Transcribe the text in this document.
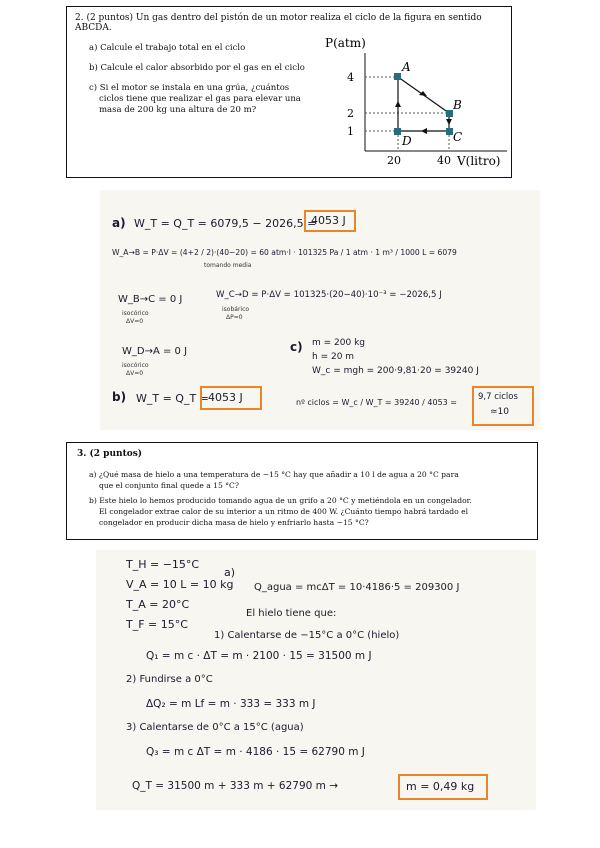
2. (2 puntos) Un gas dentro del pistón de un motor realiza el ciclo de la figura en sentido ABCDA.
a) Calcule el trabajo total en el ciclo
b) Calcule el calor absorbido por el gas en el ciclo
c) Si el motor se instala en una grúa, ¿cuántos
ciclos tiene que realizar el gas para elevar una
masa de 200 kg una altura de 20 m?
P(atm)
V(litro)
4
2
1
20	40
A
B
C
D
a) W_T = Q_T = 6079,5 − 2026,5 =
4053 J
W_A→B = P·ΔV = (4+2 / 2)·(40−20) = 60 atm·l · 101325 Pa / 1 atm · 1 m³ / 1000 L = 6079
tomando media
W_B→C = 0 J
isocórico
ΔV=0
W_C→D = P·ΔV = 101325·(20−40)·10⁻³ = −2026,5 J
isobárico
ΔP=0
W_D→A = 0 J
isocórico
ΔV=0
c) m = 200 kg
h = 20 m
W_c = mgh = 200·9,81·20 = 39240 J
b) W_T = Q_T = 4053 J	nº ciclos = W_c / W_T = 39240 / 4053 =
9,7 ciclos
≃10
3. (2 puntos)
a) ¿Qué masa de hielo a una temperatura de −15 °C hay que añadir a 10 l de agua a 20 °C para
que el conjunto final quede a 15 °C?
b) Este hielo lo hemos producido tomando agua de un grifo a 20 °C y metiéndola en un congelador.
El congelador extrae calor de su interior a un ritmo de 400 W. ¿Cuánto tiempo habrá tardado el
congelador en producir dicha masa de hielo y enfriarlo hasta −15 °C?
T_H = −15°C
V_A = 10 L = 10 kg
T_A = 20°C
T_F = 15°C
a)
Q_agua = mcΔT = 10·4186·5 = 209300 J
El hielo tiene que:
1) Calentarse de −15°C a 0°C (hielo)
Q₁ = m c · ΔT = m · 2100 · 15 = 31500 m J
2) Fundirse a 0°C
ΔQ₂ = m Lf = m · 333 = 333 m J
3) Calentarse de 0°C a 15°C (agua)
Q₃ = m c ΔT = m · 4186 · 15 = 62790 m J
Q_T = 31500 m + 333 m + 62790 m →	m = 0,49 kg
